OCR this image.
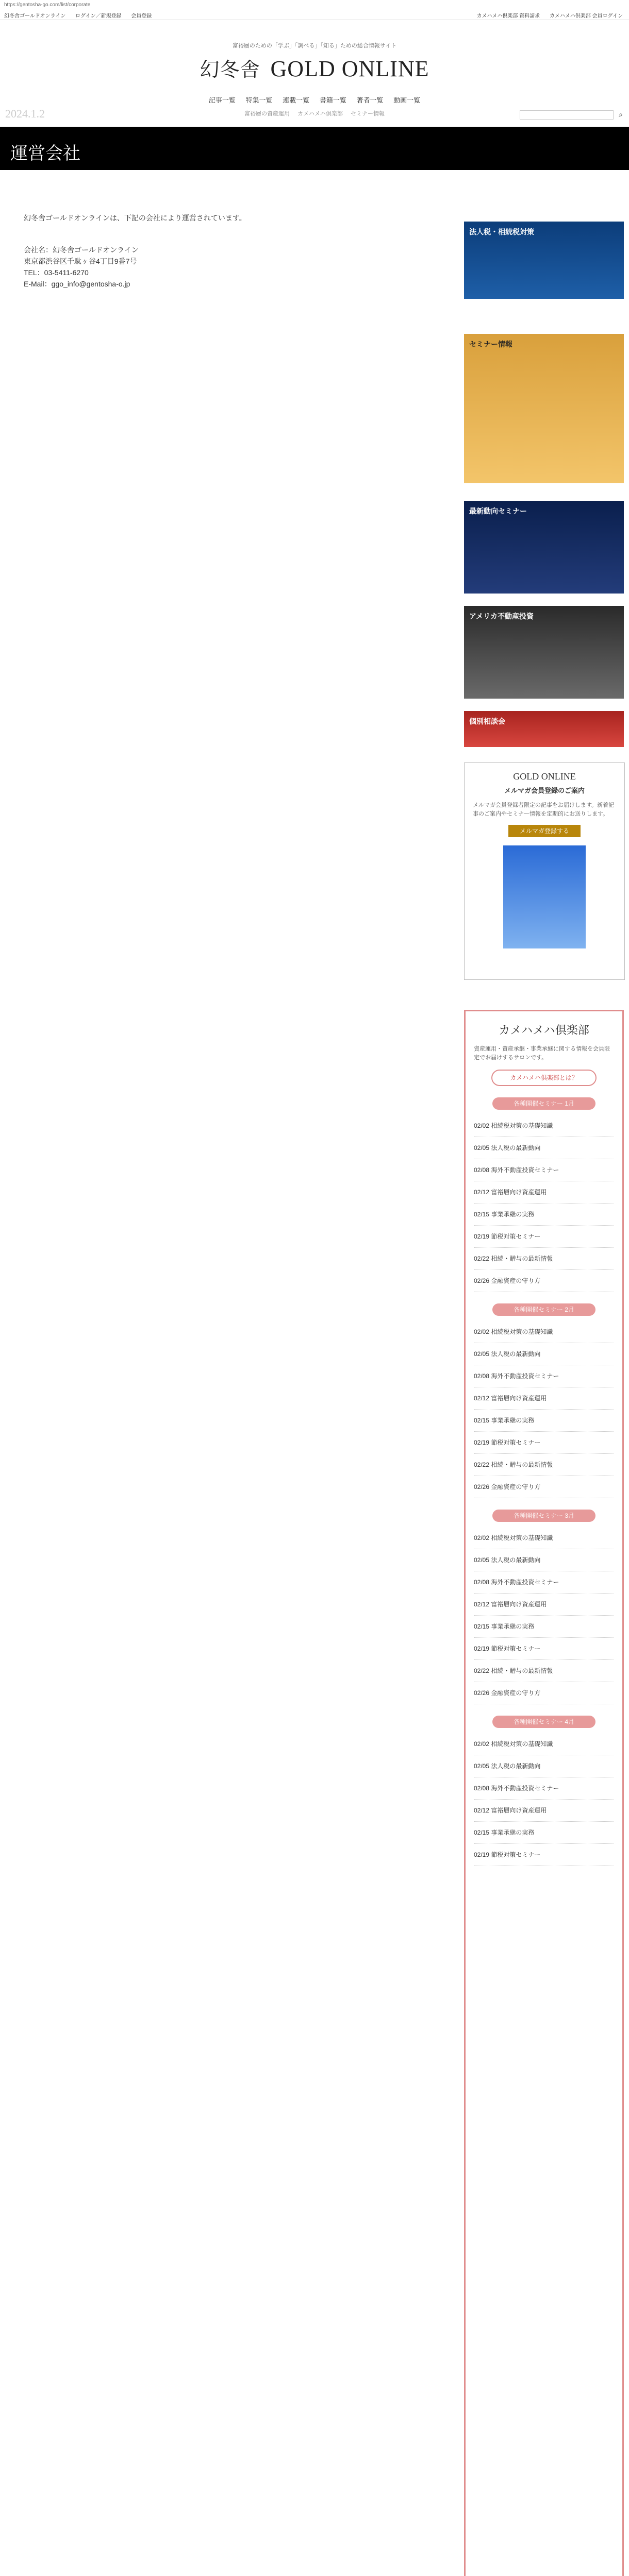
https://gentosha-go.com/list/corporate
幻冬舎ゴールドオンライン ログイン／新規登録 会員登録	カメハメハ倶楽部 資料請求 カメハメハ倶楽部 会員ログイン
富裕層のための「学ぶ」「調べる」「知る」ための総合情報サイト
幻冬舎 GOLD ONLINE
2024.1.2
記事一覧 特集一覧 連載一覧 書籍一覧 著者一覧 動画一覧
富裕層の資産運用 カメハメハ倶楽部 セミナー情報	⌕
運営会社
幻冬舎ゴールドオンラインは、下記の会社により運営されています。
会社名：幻冬舎ゴールドオンライン
東京都渋谷区千駄ヶ谷4丁目9番7号
TEL：03-5411-6270
E-Mail：ggo_info@gentosha-o.jp
法人税・相続税対策
セミナー情報
最新動向セミナー
アメリカ不動産投資
個別相談会
GOLD ONLINE
メルマガ会員登録のご案内
メルマガ会員登録者限定の記事をお届けします。新着記事のご案内やセミナー情報を定期的にお送りします。
メルマガ登録する
カメハメハ倶楽部
資産運用・資産承継・事業承継に関する情報を会員限定でお届けするサロンです。
カメハメハ倶楽部とは？
各種開催セミナー 1月
02/02 相続税対策の基礎知識
02/05 法人税の最新動向
02/08 海外不動産投資セミナー
02/12 富裕層向け資産運用
02/15 事業承継の実務
02/19 節税対策セミナー
02/22 相続・贈与の最新情報
02/26 金融資産の守り方
各種開催セミナー 2月
02/02 相続税対策の基礎知識
02/05 法人税の最新動向
02/08 海外不動産投資セミナー
02/12 富裕層向け資産運用
02/15 事業承継の実務
02/19 節税対策セミナー
02/22 相続・贈与の最新情報
02/26 金融資産の守り方
各種開催セミナー 3月
02/02 相続税対策の基礎知識
02/05 法人税の最新動向
02/08 海外不動産投資セミナー
02/12 富裕層向け資産運用
02/15 事業承継の実務
02/19 節税対策セミナー
02/22 相続・贈与の最新情報
02/26 金融資産の守り方
各種開催セミナー 4月
02/02 相続税対策の基礎知識
02/05 法人税の最新動向
02/08 海外不動産投資セミナー
02/12 富裕層向け資産運用
02/15 事業承継の実務
02/19 節税対策セミナー
